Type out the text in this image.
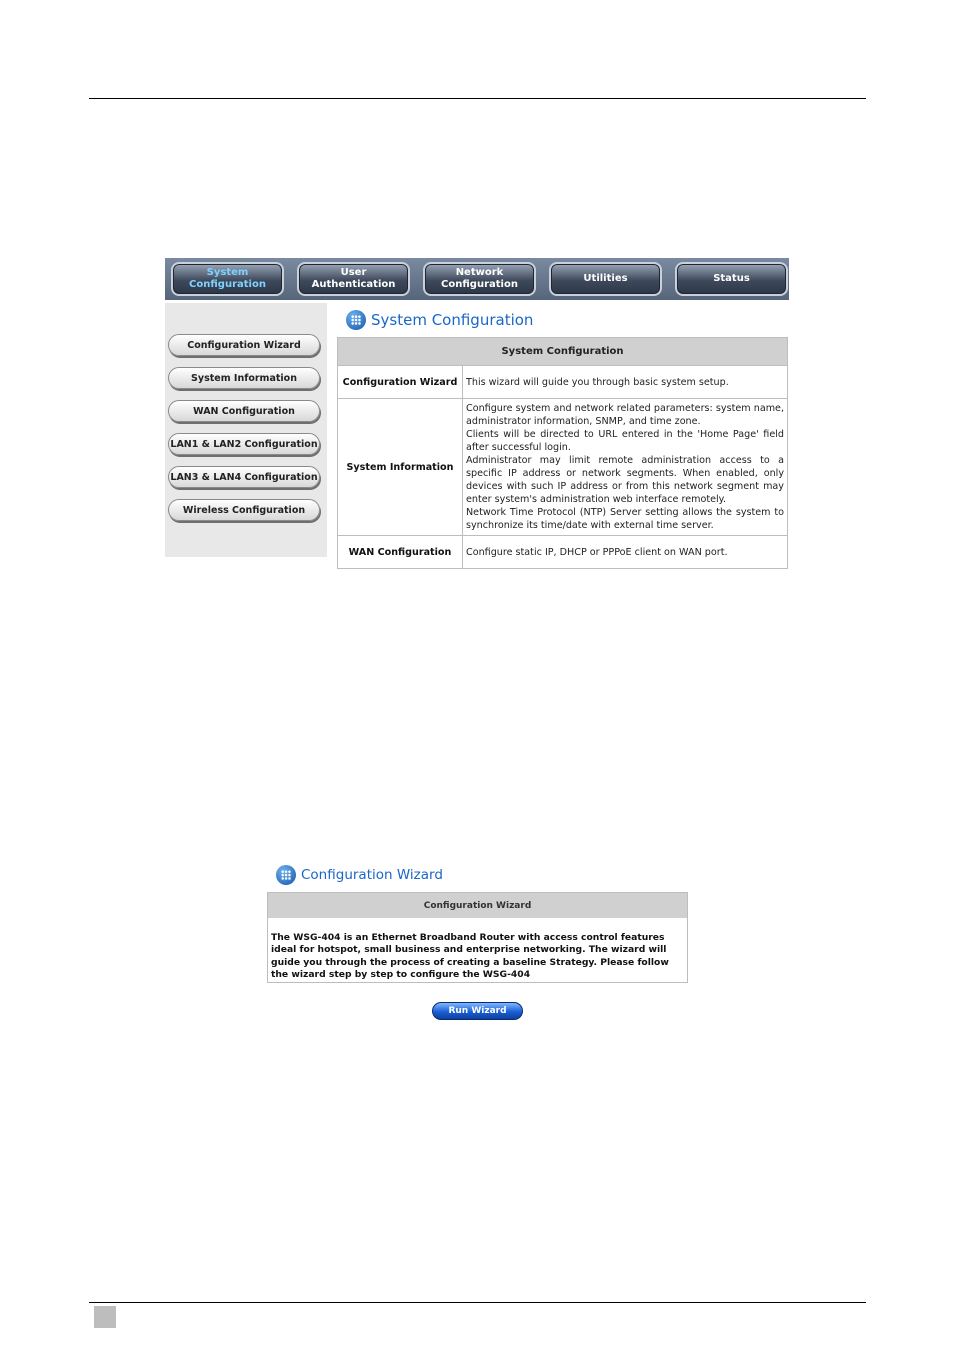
System
Configuration
User
Authentication
Network
Configuration
Utilities	Status
Configuration Wizard
System Information
WAN Configuration
LAN1 & LAN2 Configuration
LAN3 & LAN4 Configuration
Wireless Configuration
System Configuration
System Configuration	
Configuration Wizard	This wizard will guide you through basic system setup.
System Information	Configure system and network related parameters: system name, administrator information, SNMP, and time zone.
Clients will be directed to URL entered in the 'Home Page' field after successful login.
Administrator may limit remote administration access to a specific IP address or network segments. When enabled, only devices with such IP address or from this network segment may enter system's administration web interface remotely.
Network Time Protocol (NTP) Server setting allows the system to synchronize its time/date with external time server.

WAN Configuration	Configure static IP, DHCP or PPPoE client on WAN port.
Configuration Wizard
Configuration Wizard
The WSG-404 is an Ethernet Broadband Router with access control features ideal for hotspot, small business and enterprise networking. The wizard will guide you through the process of creating a baseline Strategy. Please follow the wizard step by step to configure the WSG-404
Run Wizard
